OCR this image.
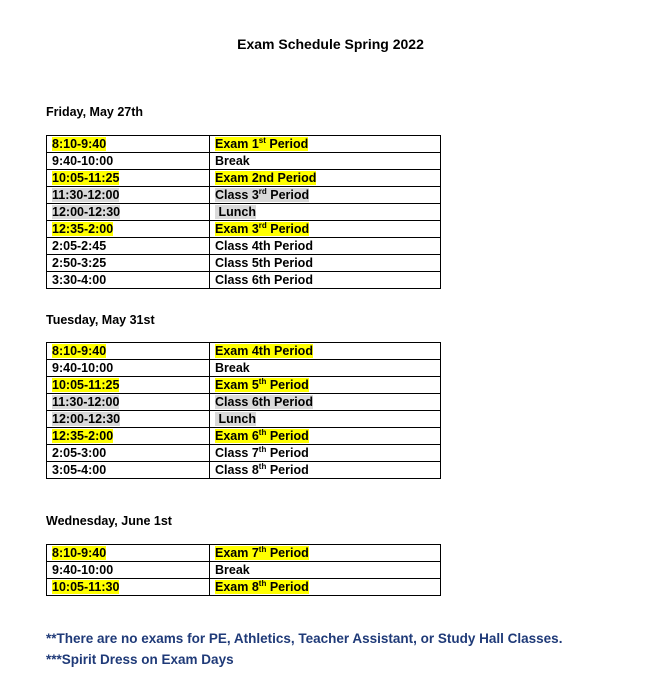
Exam Schedule Spring 2022
Friday, May 27th
8:10-9:40	Exam 1st Period
9:40-10:00	Break
10:05-11:25	Exam 2nd Period
11:30-12:00	Class 3rd Period
12:00-12:30	Lunch
12:35-2:00	Exam 3rd Period
2:05-2:45	Class 4th Period
2:50-3:25	Class 5th Period
3:30-4:00	Class 6th Period
Tuesday, May 31st
8:10-9:40	Exam 4th Period
9:40-10:00	Break
10:05-11:25	Exam 5th Period
11:30-12:00	Class 6th Period
12:00-12:30	Lunch
12:35-2:00	Exam 6th Period
2:05-3:00	Class 7th Period
3:05-4:00	Class 8th Period
Wednesday, June 1st
8:10-9:40	Exam 7th Period
9:40-10:00	Break
10:05-11:30	Exam 8th Period
**There are no exams for PE, Athletics, Teacher Assistant, or Study Hall Classes.
***Spirit Dress on Exam Days
